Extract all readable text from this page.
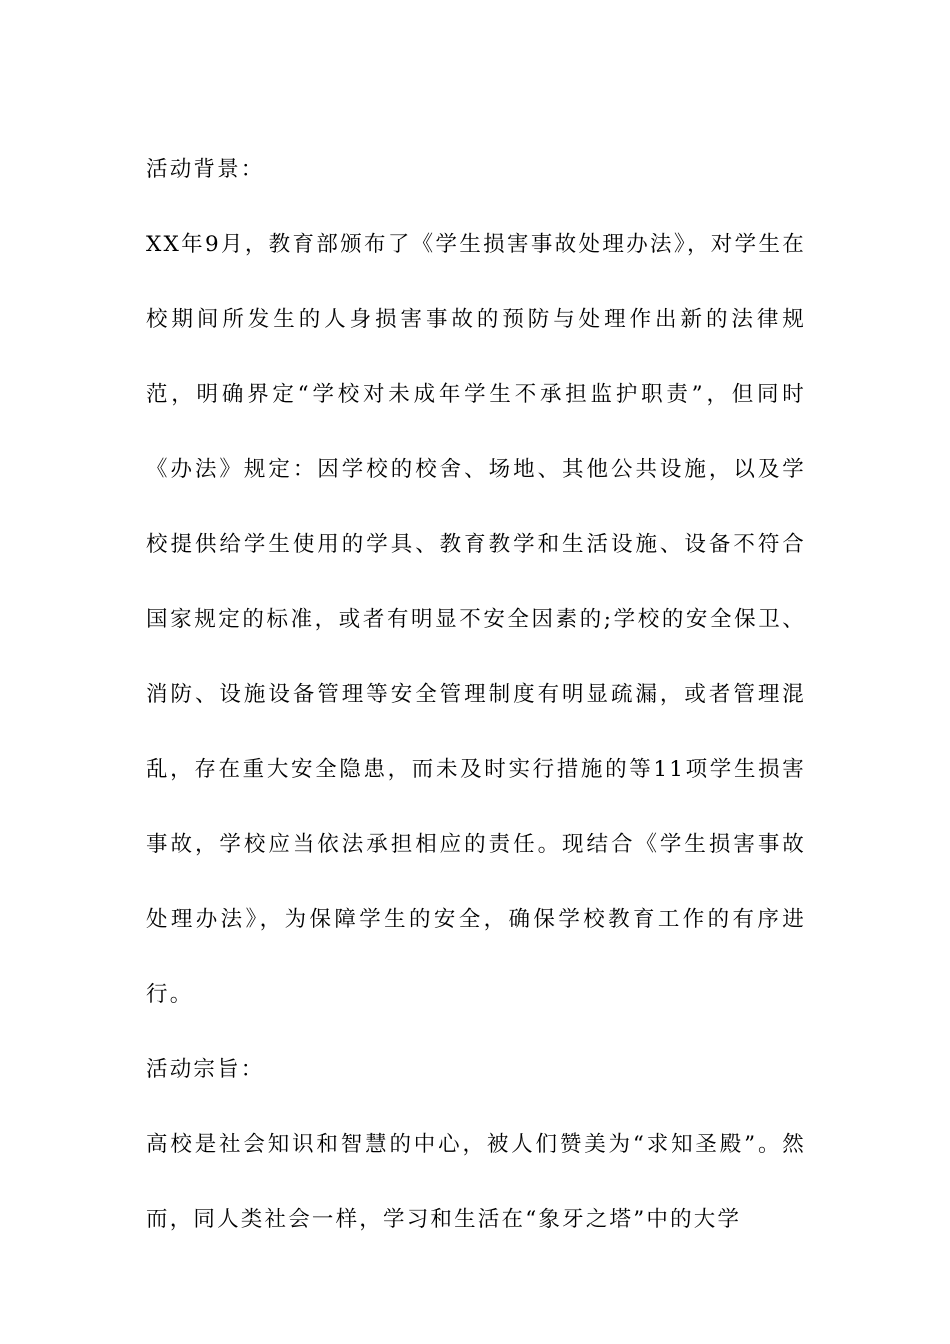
活动背景：

XX年9月，教育部颁布了《学生损害事故处理办法》，对学生在校期间所发生的人身损害事故的预防与处理作出新的法律规范，明确界定“学校对未成年学生不承担监护职责”，但同时《办法》规定：因学校的校舍、场地、其他公共设施，以及学校提供给学生使用的学具、教育教学和生活设施、设备不符合国家规定的标准，或者有明显不安全因素的;学校的安全保卫、消防、设施设备管理等安全管理制度有明显疏漏，或者管理混乱，存在重大安全隐患，而未及时实行措施的等11项学生损害事故，学校应当依法承担相应的责任。现结合《学生损害事故处理办法》，为保障学生的安全，确保学校教育工作的有序进行。

活动宗旨：

高校是社会知识和智慧的中心，被人们赞美为“求知圣殿”。然而，同人类社会一样，学习和生活在“象牙之塔”中的大学
